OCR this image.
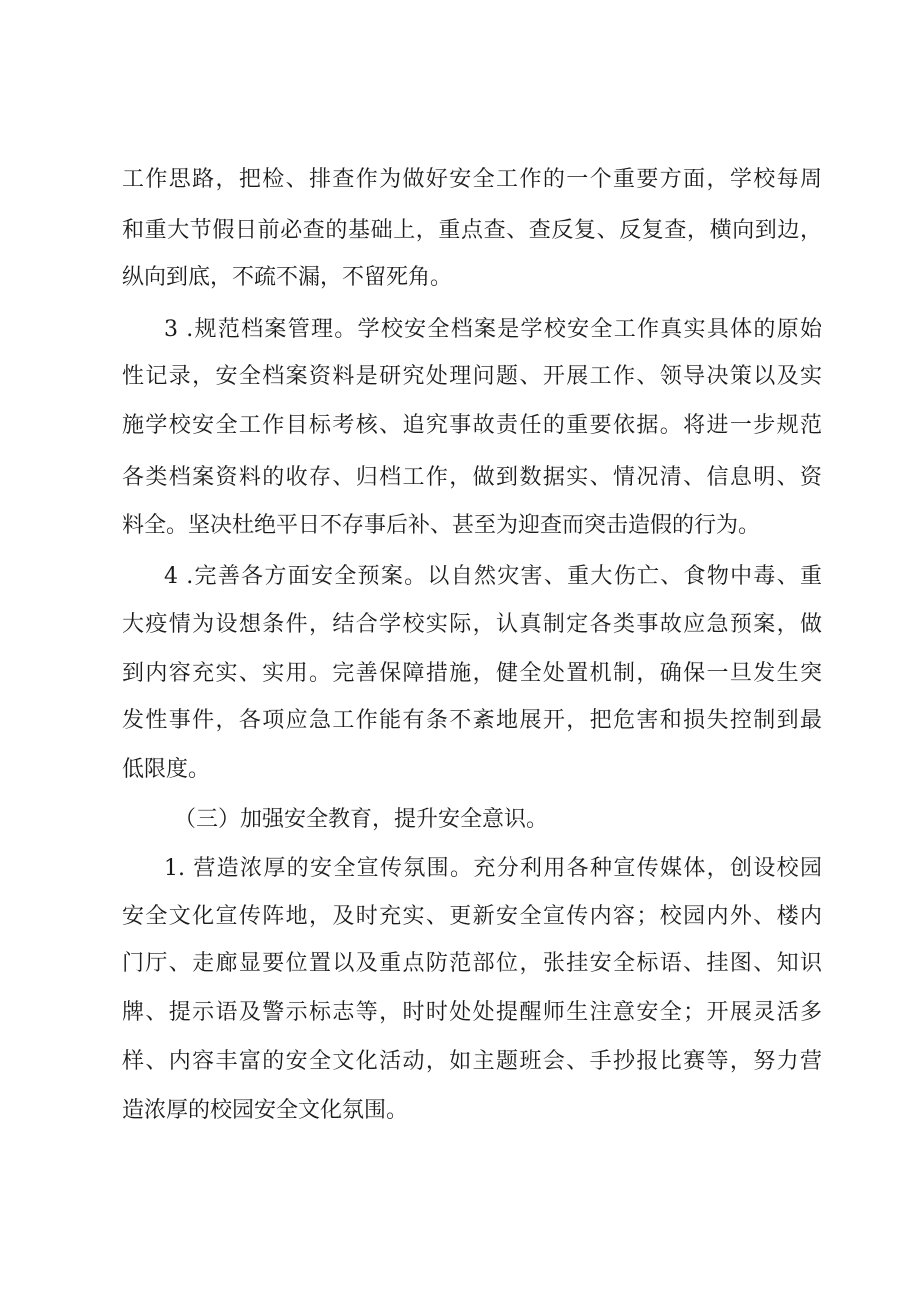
工作思路，把检、排查作为做好安全工作的一个重要方面，学校每周
和重大节假日前必查的基础上，重点查、查反复、反复查，横向到边，
纵向到底，不疏不漏，不留死角。
3 .规范档案管理。学校安全档案是学校安全工作真实具体的原始
性记录，安全档案资料是研究处理问题、开展工作、领导决策以及实
施学校安全工作目标考核、追究事故责任的重要依据。将进一步规范
各类档案资料的收存、归档工作，做到数据实、情况清、信息明、资
料全。坚决杜绝平日不存事后补、甚至为迎查而突击造假的行为。
4 .完善各方面安全预案。以自然灾害、重大伤亡、食物中毒、重
大疫情为设想条件，结合学校实际，认真制定各类事故应急预案，做
到内容充实、实用。完善保障措施，健全处置机制，确保一旦发生突
发性事件，各项应急工作能有条不紊地展开，把危害和损失控制到最
低限度。
（三）加强安全教育，提升安全意识。
1. 营造浓厚的安全宣传氛围。充分利用各种宣传媒体，创设校园
安全文化宣传阵地，及时充实、更新安全宣传内容；校园内外、楼内
门厅、走廊显要位置以及重点防范部位，张挂安全标语、挂图、知识
牌、提示语及警示标志等，时时处处提醒师生注意安全；开展灵活多
样、内容丰富的安全文化活动，如主题班会、手抄报比赛等，努力营
造浓厚的校园安全文化氛围。
